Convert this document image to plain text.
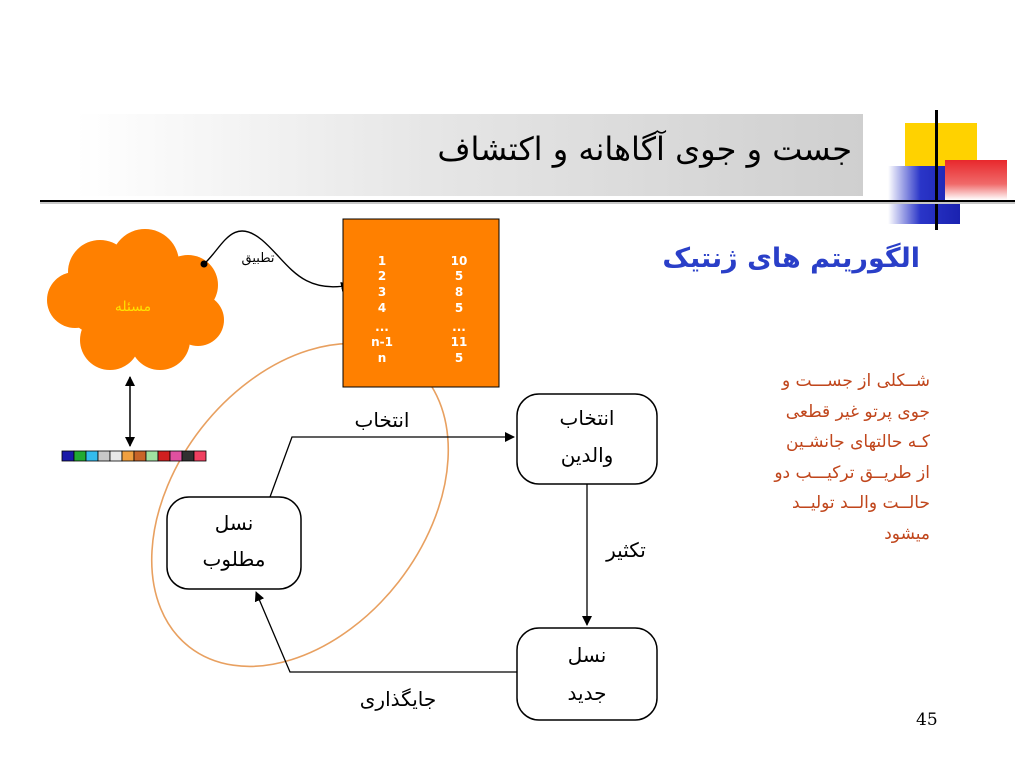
جست و جوی آگاهانه و اکتشاف
الگوریتم های ژنتیک
شــکلی از جســـت و
جوی پرتو غیر قطعی
کـه حالتهای جانشـین
از طریــق ترکیـــب دو
حالــت والــد تولیــد
میشود
45
مسئله
تطبیق	1
2
3
4
...
n-1
n
10
5
8
5
...
11
5
انتخاب
والدین
نسل
مطلوب
نسل
جدید
انتخاب
تکثیر
جایگذاری
